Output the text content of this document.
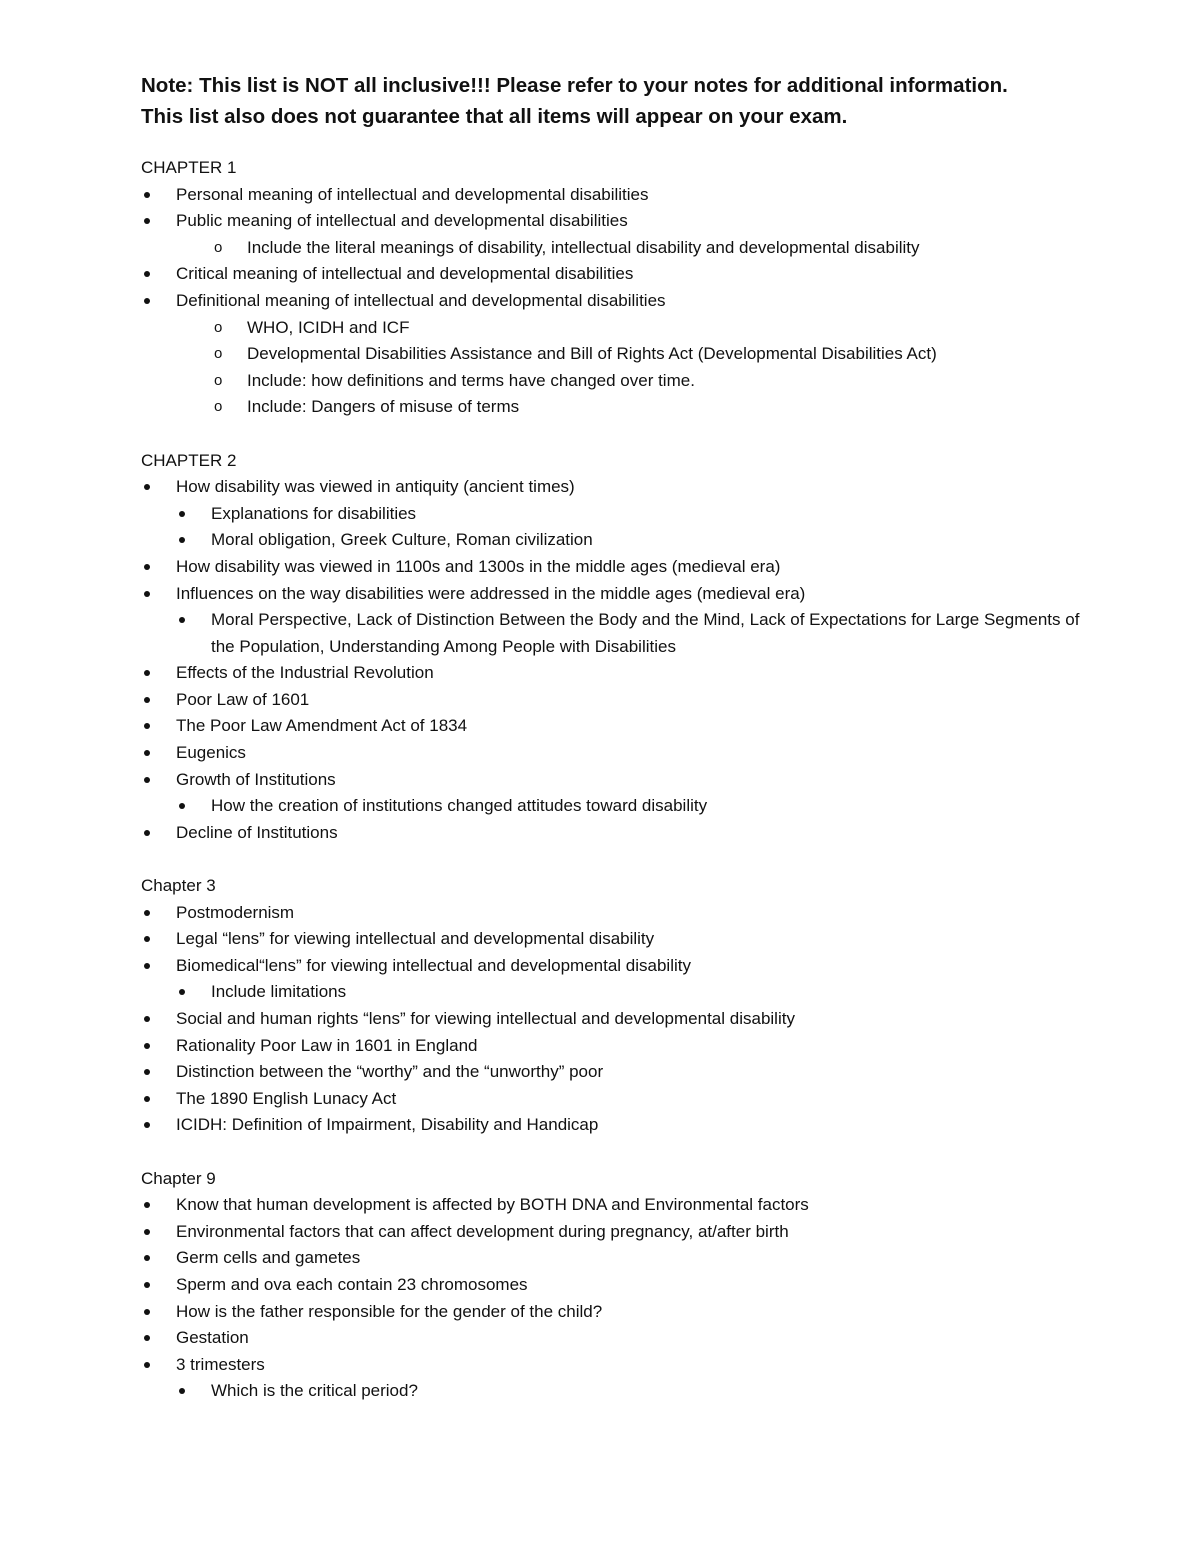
Note: This list is NOT all inclusive!!! Please refer to your notes for additional information.
This list also does not guarantee that all items will appear on your exam.
CHAPTER 1
Personal meaning of intellectual and developmental disabilities
Public meaning of intellectual and developmental disabilities
o Include the literal meanings of disability, intellectual disability and developmental disability
Critical meaning of intellectual and developmental disabilities
Definitional meaning of intellectual and developmental disabilities
o WHO, ICIDH and ICF
o Developmental Disabilities Assistance and Bill of Rights Act (Developmental Disabilities Act)
o Include: how definitions and terms have changed over time.
o Include: Dangers of misuse of terms
CHAPTER 2
How disability was viewed in antiquity (ancient times)
Explanations for disabilities
Moral obligation, Greek Culture, Roman civilization
How disability was viewed in 1100s and 1300s in the middle ages (medieval era)
Influences on the way disabilities were addressed in the middle ages (medieval era)
Moral Perspective, Lack of Distinction Between the Body and the Mind, Lack of Expectations for Large Segments of the Population, Understanding Among People with Disabilities
Effects of the Industrial Revolution
Poor Law of 1601
The Poor Law Amendment Act of 1834
Eugenics
Growth of Institutions
How the creation of institutions changed attitudes toward disability
Decline of Institutions
Chapter 3
Postmodernism
Legal “lens” for viewing intellectual and developmental disability
Biomedical“lens” for viewing intellectual and developmental disability
Include limitations
Social and human rights “lens” for viewing intellectual and developmental disability
Rationality Poor Law in 1601 in England
Distinction between the “worthy” and the “unworthy” poor
The 1890 English Lunacy Act
ICIDH: Definition of Impairment, Disability and Handicap
Chapter 9
Know that human development is affected by BOTH DNA and Environmental factors
Environmental factors that can affect development during pregnancy, at/after birth
Germ cells and gametes
Sperm and ova each contain 23 chromosomes
How is the father responsible for the gender of the child?
Gestation
3 trimesters
Which is the critical period?
